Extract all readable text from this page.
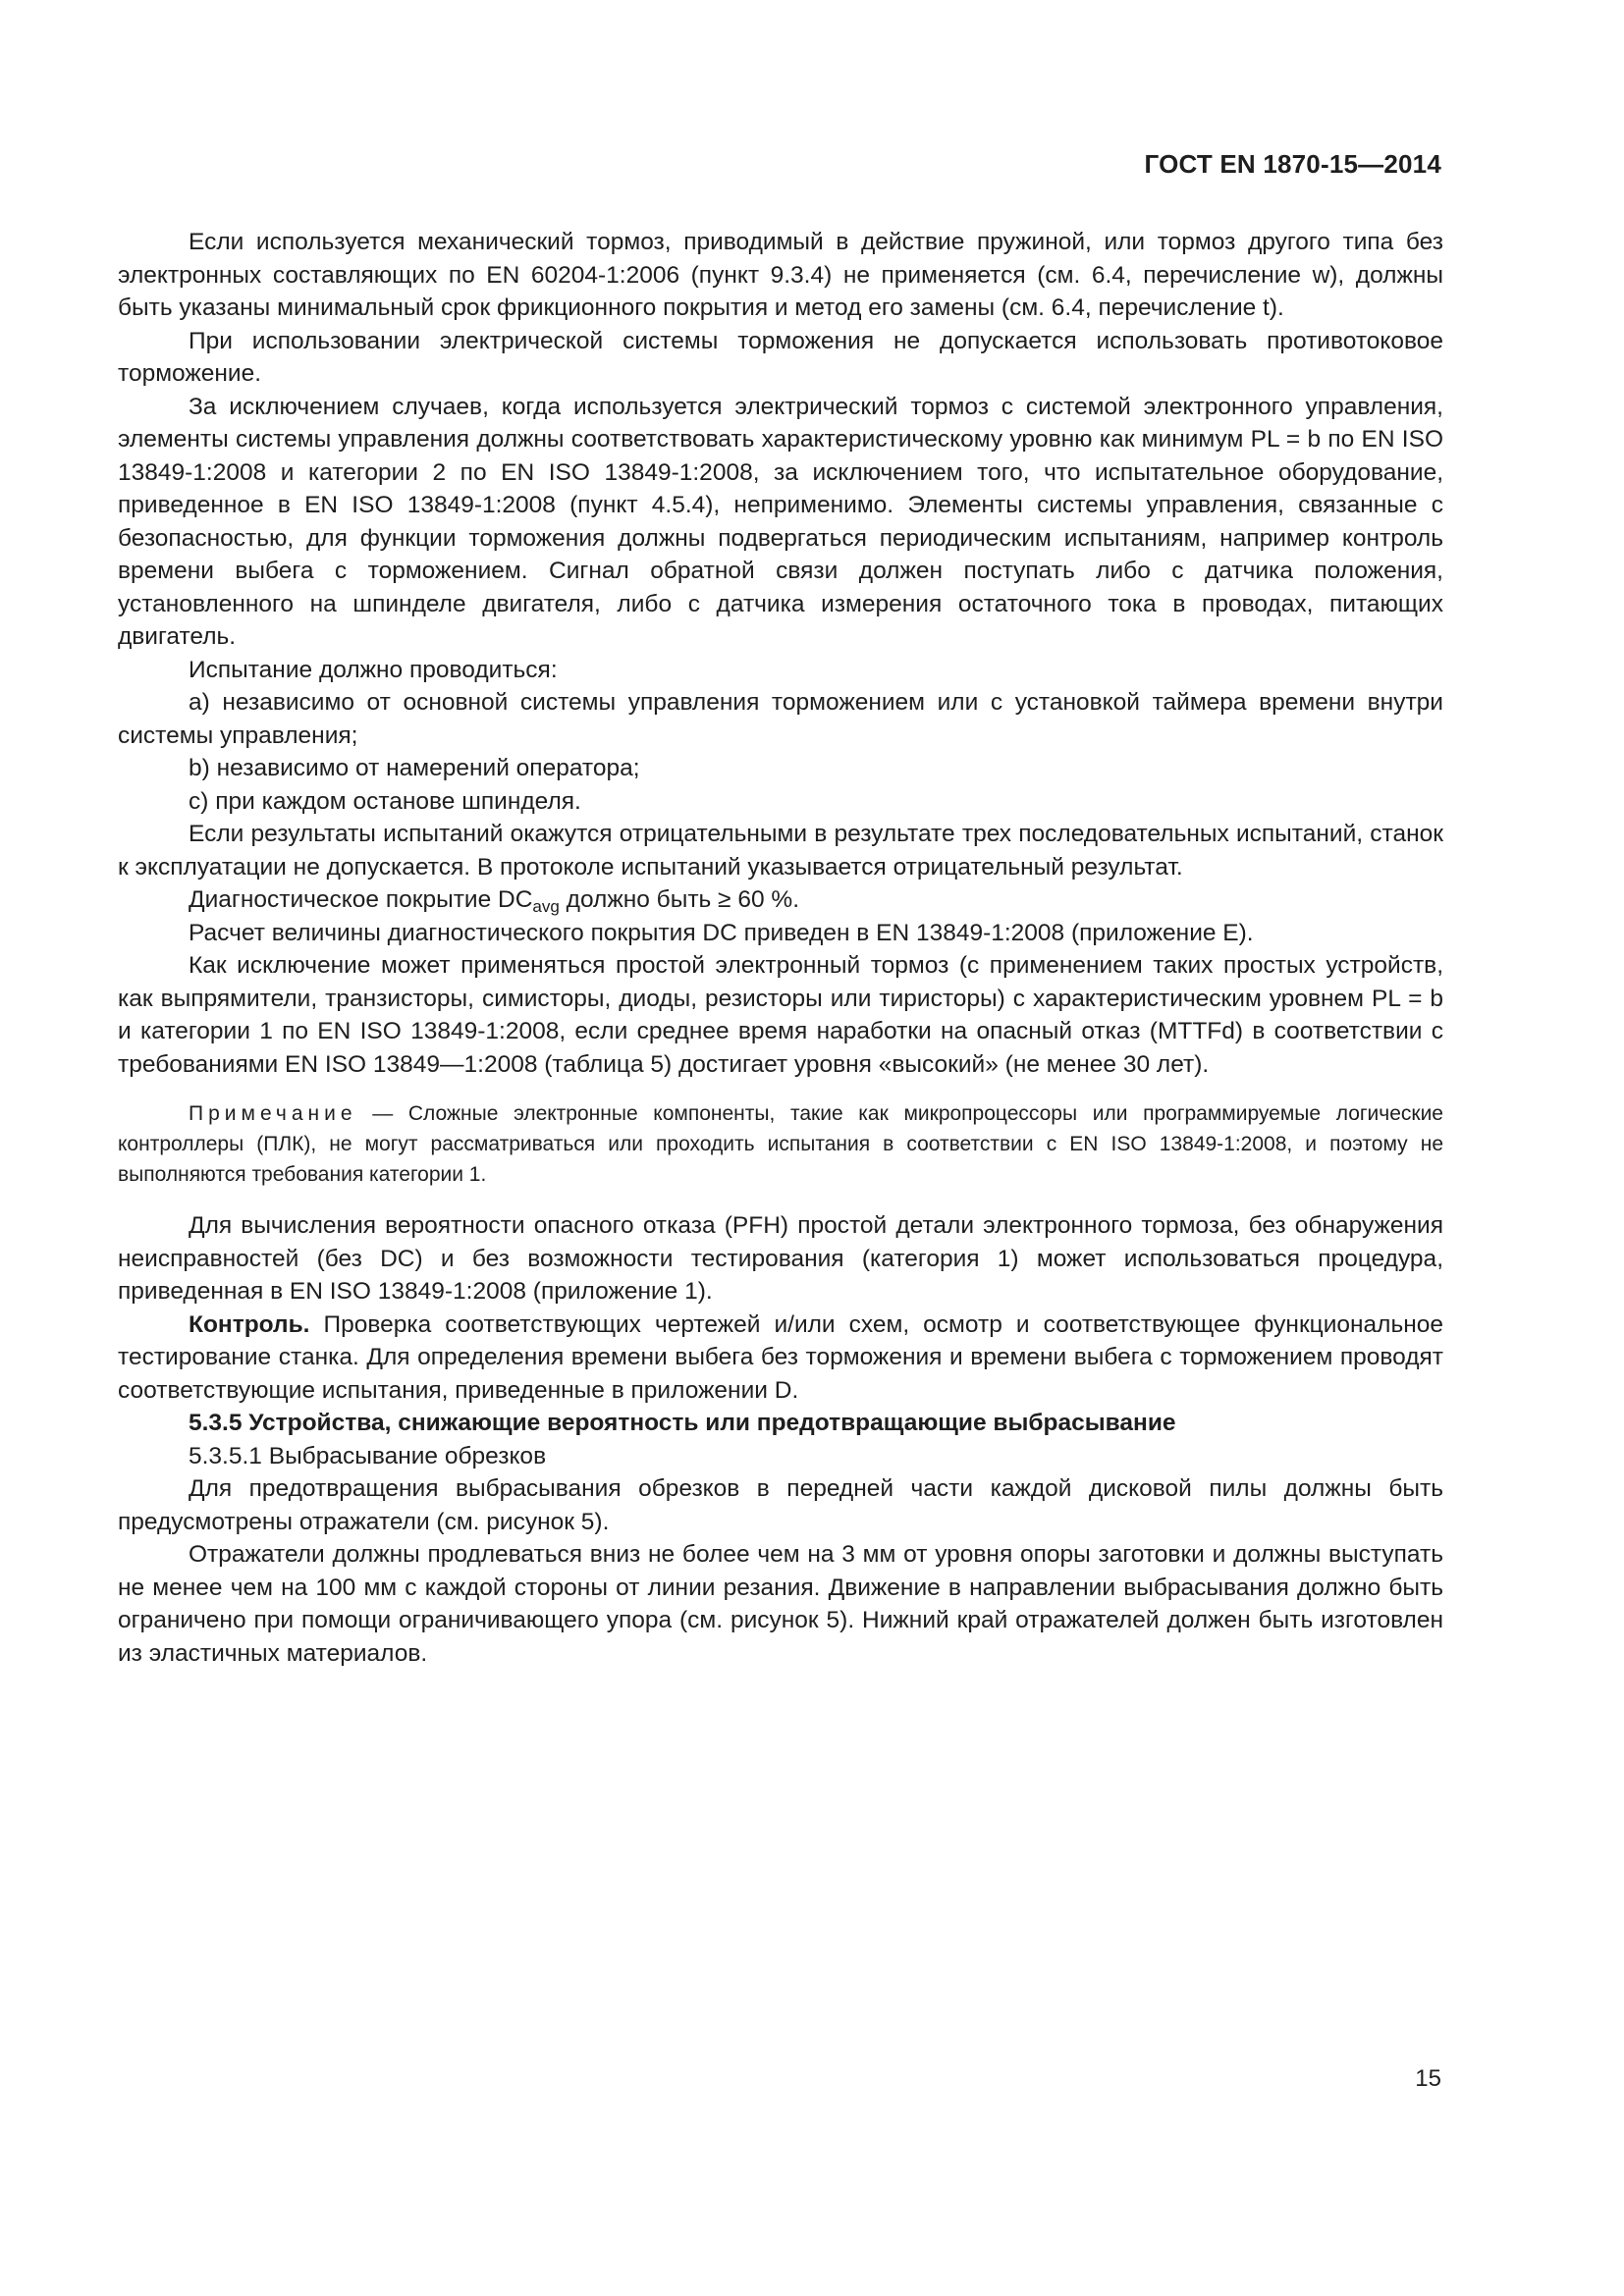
ГОСТ EN 1870-15—2014

Если используется механический тормоз, приводимый в действие пружиной, или тормоз другого типа без электронных составляющих по EN 60204-1:2006 (пункт 9.3.4) не применяется (см. 6.4, перечисление w), должны быть указаны минимальный срок фрикционного покрытия и метод его замены (см. 6.4, перечисление t).

При использовании электрической системы торможения не допускается использовать противотоковое торможение.

За исключением случаев, когда используется электрический тормоз с системой электронного управления, элементы системы управления должны соответствовать характеристическому уровню как минимум PL = b по EN ISO 13849-1:2008 и категории 2 по EN ISO 13849-1:2008, за исключением того, что испытательное оборудование, приведенное в EN ISO 13849-1:2008 (пункт 4.5.4), неприменимо. Элементы системы управления, связанные с безопасностью, для функции торможения должны подвергаться периодическим испытаниям, например контроль времени выбега с торможением. Сигнал обратной связи должен поступать либо с датчика положения, установленного на шпинделе двигателя, либо с датчика измерения остаточного тока в проводах, питающих двигатель.

Испытание должно проводиться:

a) независимо от основной системы управления торможением или с установкой таймера времени внутри системы управления;

b) независимо от намерений оператора;

c) при каждом останове шпинделя.

Если результаты испытаний окажутся отрицательными в результате трех последовательных испытаний, станок к эксплуатации не допускается. В протоколе испытаний указывается отрицательный результат.

Диагностическое покрытие $DC_{avg}$ должно быть ≥ 60 %.

Расчет величины диагностического покрытия DC приведен в EN 13849-1:2008 (приложение E).

Как исключение может применяться простой электронный тормоз (с применением таких простых устройств, как выпрямители, транзисторы, симисторы, диоды, резисторы или тиристоры) с характеристическим уровнем PL = b и категории 1 по EN ISO 13849-1:2008, если среднее время наработки на опасный отказ (MTTFd) в соответствии с требованиями EN ISO 13849—1:2008 (таблица 5) достигает уровня «высокий» (не менее 30 лет).

Примечание — Сложные электронные компоненты, такие как микропроцессоры или программируемые логические контроллеры (ПЛК), не могут рассматриваться или проходить испытания в соответствии с EN ISO 13849-1:2008, и поэтому не выполняются требования категории 1.

Для вычисления вероятности опасного отказа (PFH) простой детали электронного тормоза, без обнаружения неисправностей (без DC) и без возможности тестирования (категория 1) может использоваться процедура, приведенная в EN ISO 13849-1:2008 (приложение 1).

Контроль. Проверка соответствующих чертежей и/или схем, осмотр и соответствующее функциональное тестирование станка. Для определения времени выбега без торможения и времени выбега с торможением проводят соответствующие испытания, приведенные в приложении D.

5.3.5 Устройства, снижающие вероятность или предотвращающие выбрасывание

5.3.5.1 Выбрасывание обрезков

Для предотвращения выбрасывания обрезков в передней части каждой дисковой пилы должны быть предусмотрены отражатели (см. рисунок 5).

Отражатели должны продлеваться вниз не более чем на 3 мм от уровня опоры заготовки и должны выступать не менее чем на 100 мм с каждой стороны от линии резания. Движение в направлении выбрасывания должно быть ограничено при помощи ограничивающего упора (см. рисунок 5). Нижний край отражателей должен быть изготовлен из эластичных материалов.

15
